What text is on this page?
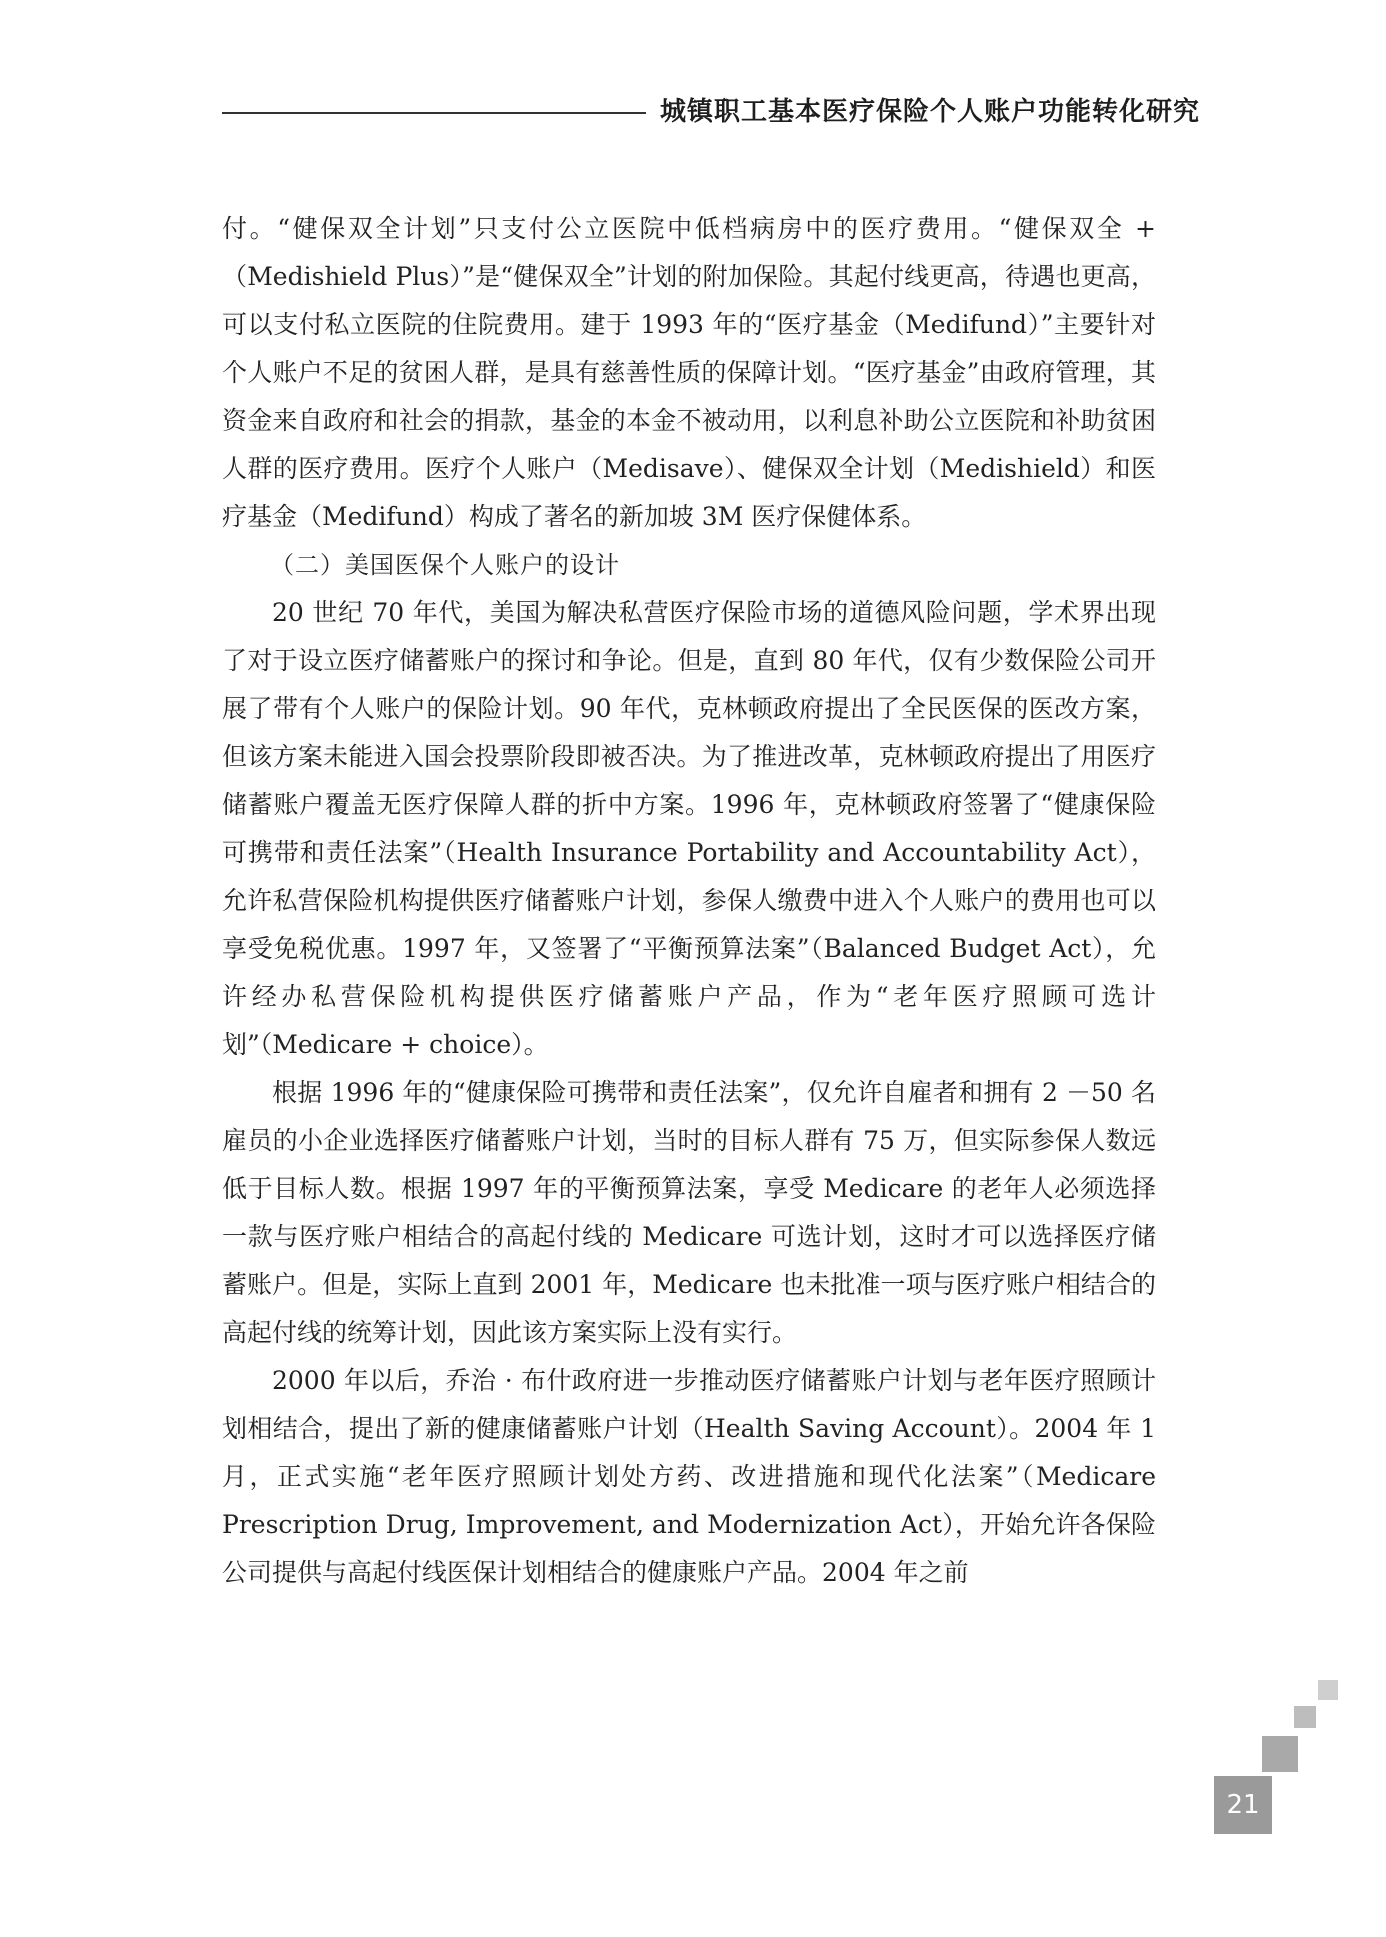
城镇职工基本医疗保险个人账户功能转化研究

付。“健保双全计划”只支付公立医院中低档病房中的医疗费用。“健保双全 +（Medishield Plus）”是“健保双全”计划的附加保险。其起付线更高，待遇也更高，可以支付私立医院的住院费用。建于 1993 年的“医疗基金（Medifund）”主要针对个人账户不足的贫困人群，是具有慈善性质的保障计划。“医疗基金”由政府管理，其资金来自政府和社会的捐款，基金的本金不被动用，以利息补助公立医院和补助贫困人群的医疗费用。医疗个人账户（Medisave）、健保双全计划（Medishield）和医疗基金（Medifund）构成了著名的新加坡 3M 医疗保健体系。

（二）美国医保个人账户的设计

20 世纪 70 年代，美国为解决私营医疗保险市场的道德风险问题，学术界出现了对于设立医疗储蓄账户的探讨和争论。但是，直到 80 年代，仅有少数保险公司开展了带有个人账户的保险计划。90 年代，克林顿政府提出了全民医保的医改方案，但该方案未能进入国会投票阶段即被否决。为了推进改革，克林顿政府提出了用医疗储蓄账户覆盖无医疗保障人群的折中方案。1996 年，克林顿政府签署了“健康保险可携带和责任法案”（Health Insurance Portability and Accountability Act），允许私营保险机构提供医疗储蓄账户计划，参保人缴费中进入个人账户的费用也可以享受免税优惠。1997 年，又签署了“平衡预算法案”（Balanced Budget Act），允许经办私营保险机构提供医疗储蓄账户产品，作为“老年医疗照顾可选计划”（Medicare + choice）。

根据 1996 年的“健康保险可携带和责任法案”，仅允许自雇者和拥有 2 －50 名雇员的小企业选择医疗储蓄账户计划，当时的目标人群有 75 万，但实际参保人数远低于目标人数。根据 1997 年的平衡预算法案，享受 Medicare 的老年人必须选择一款与医疗账户相结合的高起付线的 Medicare 可选计划，这时才可以选择医疗储蓄账户。但是，实际上直到 2001 年，Medicare 也未批准一项与医疗账户相结合的高起付线的统筹计划，因此该方案实际上没有实行。

2000 年以后，乔治 · 布什政府进一步推动医疗储蓄账户计划与老年医疗照顾计划相结合，提出了新的健康储蓄账户计划（Health Saving Account）。2004 年 1 月，正式实施“老年医疗照顾计划处方药、改进措施和现代化法案”（Medicare Prescription Drug, Improvement, and Modernization Act），开始允许各保险公司提供与高起付线医保计划相结合的健康账户产品。2004 年之前

21
